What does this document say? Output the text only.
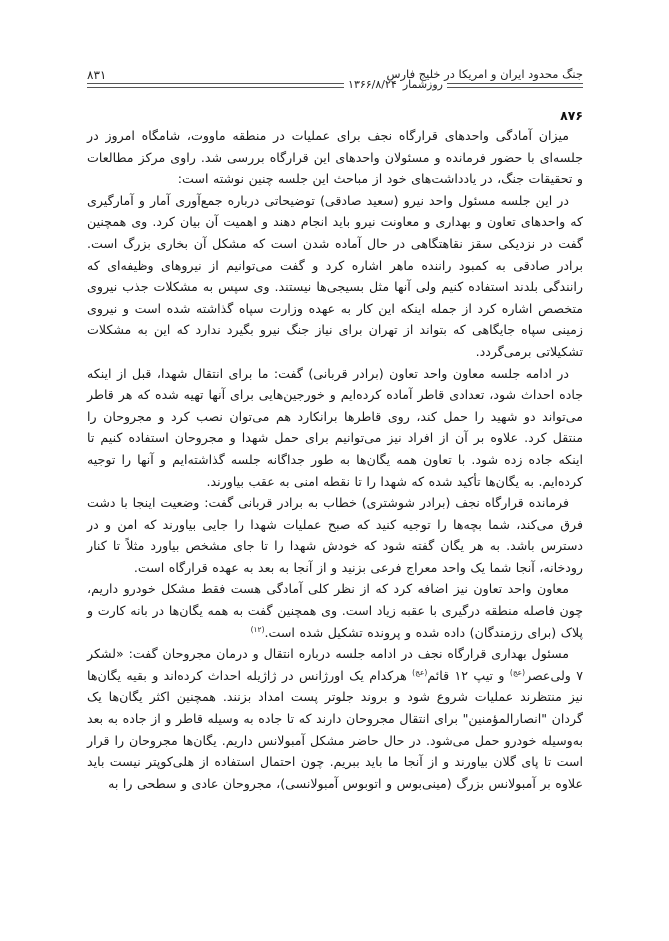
جنگ محدود ایران و امریکا در خلیج فارس
۸۳۱
روزشمار۱۳۶۶/۸/۲۴
۸۷۶

میزان آمادگی واحدهای قرارگاه نجف برای عملیات در منطقه ماووت، شامگاه امروز در جلسه‌ای با حضور فرمانده و مسئولان واحدهای این قرارگاه بررسی شد. راوی مرکز مطالعات و تحقیقات جنگ، در یادداشت‌های خود از مباحث این جلسه چنین نوشته است:

در این جلسه مسئول واحد نیرو (سعید صادقی) توضیحاتی درباره جمع‌آوری آمار و آمارگیری که واحدهای تعاون و بهداری و معاونت نیرو باید انجام دهند و اهمیت آن بیان کرد. وی همچنین گفت در نزدیکی سقز نقاهتگاهی در حال آماده شدن است که مشکل آن بخاری بزرگ است. برادر صادقی به کمبود راننده ماهر اشاره کرد و گفت می‌توانیم از نیروهای وظیفه‌ای که رانندگی بلدند استفاده کنیم ولی آنها مثل بسیجی‌ها نیستند. وی سپس به مشکلات جذب نیروی متخصص اشاره کرد از جمله اینکه این کار به عهده وزارت سپاه گذاشته شده است و نیروی زمینی سپاه جایگاهی که بتواند از تهران برای نیاز جنگ نیرو بگیرد ندارد که این به مشکلات تشکیلاتی برمی‌گردد.

در ادامه جلسه معاون واحد تعاون (برادر قربانی) گفت: ما برای انتقال شهدا، قبل از اینکه جاده احداث شود، تعدادی قاطر آماده کرده‌ایم و خورجین‌هایی برای آنها تهیه شده که هر قاطر می‌تواند دو شهید را حمل کند، روی قاطرها برانکارد هم می‌توان نصب کرد و مجروحان را منتقل کرد. علاوه بر آن از افراد نیز می‌توانیم برای حمل شهدا و مجروحان استفاده کنیم تا اینکه جاده زده شود. با تعاون همه یگان‌ها به طور جداگانه جلسه گذاشته‌ایم و آنها را توجیه کرده‌ایم. به یگان‌ها تأکید شده که شهدا را تا نقطه امنی به عقب بیاورند.

فرمانده قرارگاه نجف (برادر شوشتری) خطاب به برادر قربانی گفت: وضعیت اینجا با دشت فرق می‌کند، شما بچه‌ها را توجیه کنید که صبح عملیات شهدا را جایی بیاورند که امن و در دسترس باشد. به هر یگان گفته شود که خودش شهدا را تا جای مشخص بیاورد مثلاً تا کنار رودخانه، آنجا شما یک واحد معراج فرعی بزنید و از آنجا به بعد به عهده قرارگاه است.

معاون واحد تعاون نیز اضافه کرد که از نظر کلی آمادگی هست فقط مشکل خودرو داریم، چون فاصله منطقه درگیری با عقبه زیاد است. وی همچنین گفت به همه یگان‌ها در بانه کارت و پلاک (برای رزمندگان) داده شده و پرونده تشکیل شده است.$^{(۱۲)}$

مسئول بهداری قرارگاه نجف در ادامه جلسه درباره انتقال و درمان مجروحان گفت: «لشکر ۷ ولی‌عصر$^{(عج)}$ و تیپ ۱۲ قائم$^{(عج)}$ هرکدام یک اورژانس در ژاژیله احداث کرده‌اند و بقیه یگان‌ها نیز منتظرند عملیات شروع شود و بروند جلوتر پست امداد بزنند. همچنین اکثر یگان‌ها یک گردان "انصارالمؤمنین" برای انتقال مجروحان دارند که تا جاده به وسیله قاطر و از جاده به بعد به‌وسیله خودرو حمل می‌شود. در حال حاضر مشکل آمبولانس داریم. یگان‌ها مجروحان را قرار است تا پای گلان بیاورند و از آنجا ما باید ببریم. چون احتمال استفاده از هلی‌کوپتر نیست باید علاوه بر آمبولانس بزرگ (مینی‌بوس و اتوبوس آمبولانسی)، مجروحان عادی و سطحی را به
